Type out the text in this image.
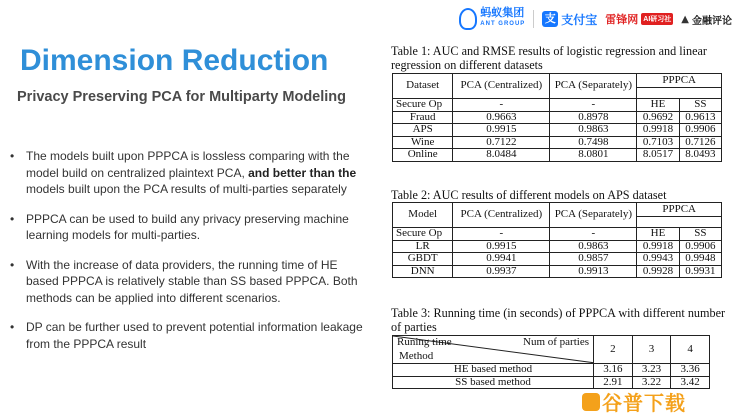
蚂蚁集团
ANT GROUP 支 支付宝 雷锋网 AI研习社 ▲ 金融评论
Dimension Reduction
Privacy Preserving PCA for Multiparty Modeling
• The models built upon PPPCA is lossless comparing with the model build on centralized plaintext PCA, and better than the models built upon the PCA results of multi-parties separately
• PPPCA can be used to build any privacy preserving machine learning models for multi-parties.
• With the increase of data providers, the running time of HE based PPPCA is relatively stable than SS based PPPCA. Both methods can be applied into different scenarios.
• DP can be further used to prevent potential information leakage from the PPPCA result

Table 1: AUC and RMSE results of logistic regression and linear regression on different datasets

Dataset	PCA (Centralized)	PCA (Separately)	PPPCA	

Secure Op	-	-	HE	SS
Fraud	0.9663	0.8978	0.9692	0.9613
APS	0.9915	0.9863	0.9918	0.9906
Wine	0.7122	0.7498	0.7103	0.7126
Online	8.0484	8.0801	8.0517	8.0493

Table 2: AUC results of different models on APS dataset

Model	PCA (Centralized)	PCA (Separately)	PPPCA	

Secure Op	-	-	HE	SS
LR	0.9915	0.9863	0.9918	0.9906
GBDT	0.9941	0.9857	0.9943	0.9948
DNN	0.9937	0.9913	0.9928	0.9931

Table 3: Running time (in seconds) of PPPCA with different number of parties

Runing time Num of parties
Method	2	3	4
HE based method	3.16	3.23	3.36
SS based method	2.91	3.22	3.42
谷普下载
